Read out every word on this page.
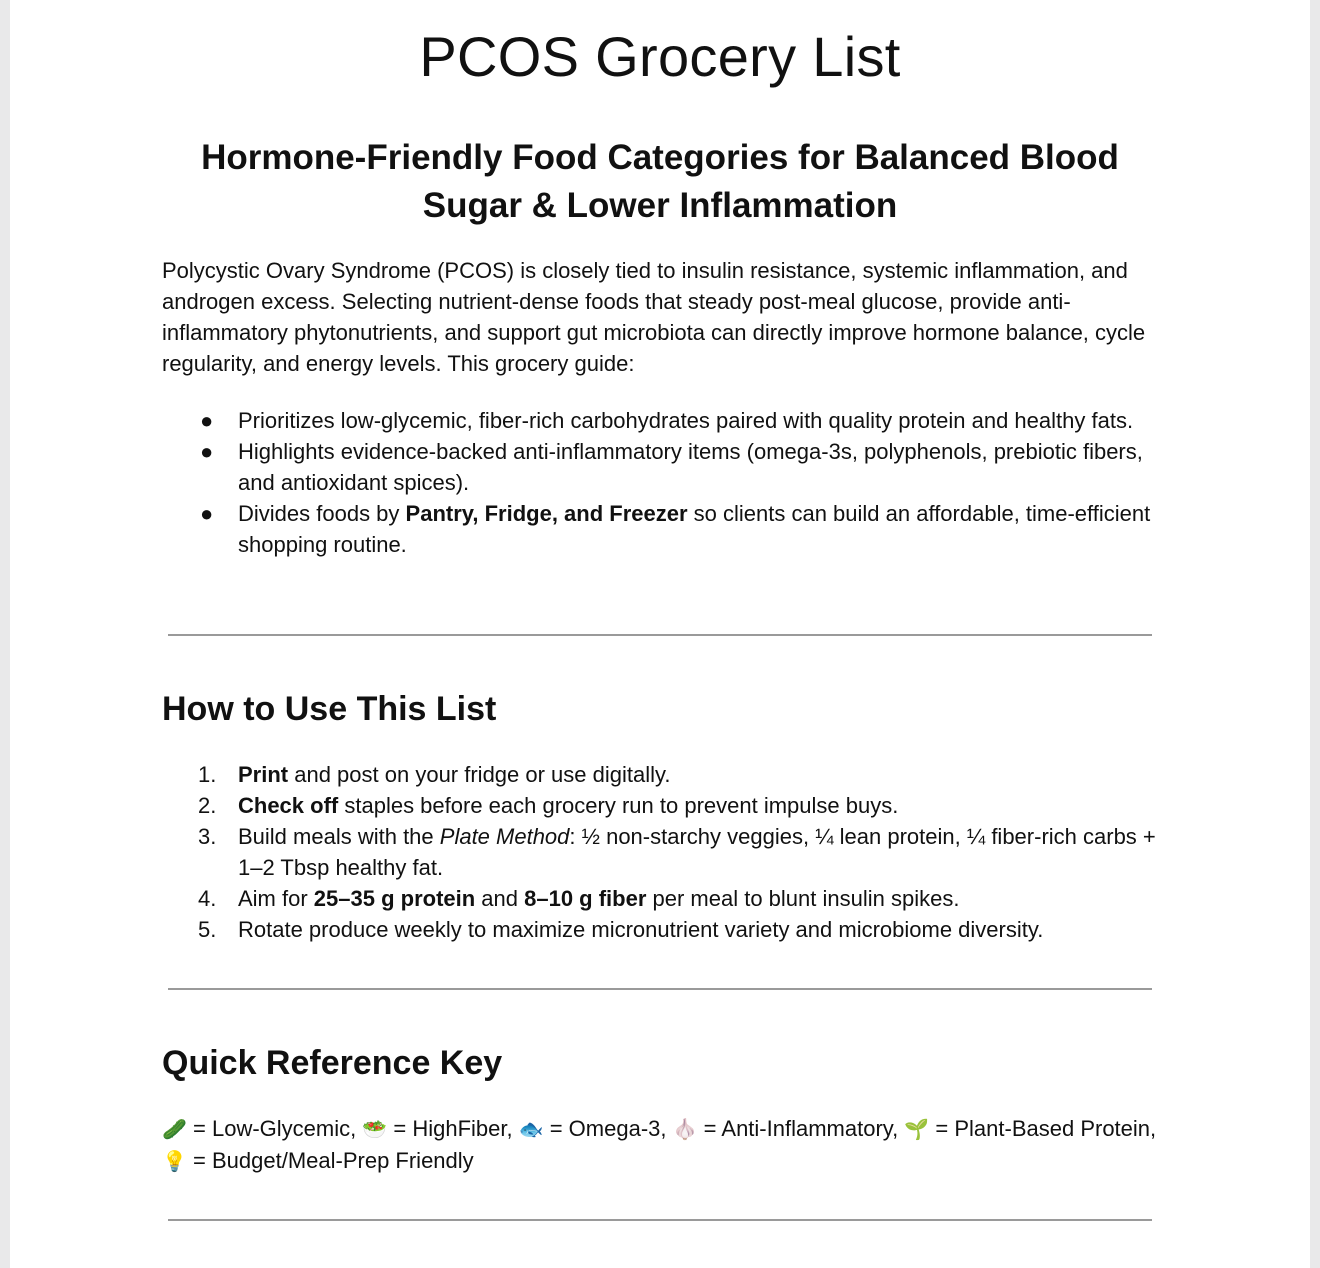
PCOS Grocery List
Hormone-Friendly Food Categories for Balanced Blood Sugar & Lower Inflammation

Polycystic Ovary Syndrome (PCOS) is closely tied to insulin resistance, systemic inflammation, and androgen excess. Selecting nutrient-dense foods that steady post-meal glucose, provide anti-inflammatory phytonutrients, and support gut microbiota can directly improve hormone balance, cycle regularity, and energy levels. This grocery guide:

● Prioritizes low-glycemic, fiber-rich carbohydrates paired with quality protein and healthy fats.
● Highlights evidence-backed anti-inflammatory items (omega-3s, polyphenols, prebiotic fibers, and antioxidant spices).
● Divides foods by Pantry, Fridge, and Freezer so clients can build an affordable, time-efficient shopping routine.
How to Use This List
1. Print and post on your fridge or use digitally.
2. Check off staples before each grocery run to prevent impulse buys.
3. Build meals with the Plate Method: ½ non-starchy veggies, ¼ lean protein, ¼ fiber-rich carbs + 1–2 Tbsp healthy fat.
4. Aim for 25–35 g protein and 8–10 g fiber per meal to blunt insulin spikes.
5. Rotate produce weekly to maximize micronutrient variety and microbiome diversity.
Quick Reference Key

🥒 = Low-Glycemic, 🥗 = HighFiber, 🐟 = Omega-3, 🧄 = Anti-Inflammatory, 🌱 = Plant-Based Protein, 💡 = Budget/Meal-Prep Friendly
